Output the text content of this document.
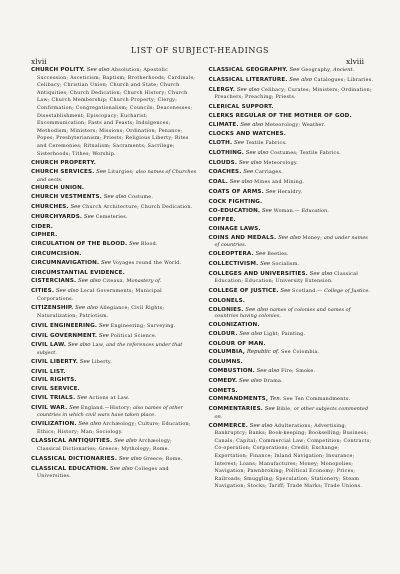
LIST OF SUBJECT-HEADINGS
xlvii	xlviii

CHURCH POLITY. See also Absolution; Apostolic Succession; Asceticism; Baptism; Brotherhoods; Cardinals; Celibacy; Christian Union; Church and State; Church Antiquities; Church Dedication; Church History; Church Law; Church Membership; Church Property; Clergy; Confirmation; Congregationalism; Councils; Deaconesses; Disestablishment; Episcopacy; Eucharist; Excommunication; Fasts and Feasts; Indulgences; Methodism; Ministers; Missions; Ordination; Penance; Popes; Presbyterianism; Priests; Religious Liberty; Rites and Ceremonies; Ritualism; Sacraments; Sacrilege; Sisterhoods; Tithes; Worship.

CHURCH PROPERTY.

CHURCH SERVICES. See Liturgies; also names of Churches and sects.

CHURCH UNION.

CHURCH VESTMENTS. See also Costume.

CHURCHES. See Church Architecture; Church Dedication.

CHURCHYARDS. See Cemeteries.

CIDER.

CIPHER.

CIRCULATION OF THE BLOOD. See Blood.

CIRCUMCISION.

CIRCUMNAVIGATION. See Voyages round the World.

CIRCUMSTANTIAL EVIDENCE.

CISTERCIANS. See also Citeaux, Monastery of.

CITIES. See also Local Governments; Municipal Corporations.

CITIZENSHIP. See also Allegiance; Civil Rights; Naturalization; Patriotism.

CIVIL ENGINEERING. See Engineering; Surveying.

CIVIL GOVERNMENT. See Political Science.

CIVIL LAW. See also Law, and the references under that subject.

CIVIL LIBERTY. See Liberty.

CIVIL LIST.

CIVIL RIGHTS.

CIVIL SERVICE.

CIVIL TRIALS. See Actions at Law.

CIVIL WAR. See England.—History; also names of other countries in which civil wars have taken place.

CIVILIZATION. See also Archæology; Culture; Education; Ethics; History; Man; Sociology.

CLASSICAL ANTIQUITIES. See also Archæology; Classical Dictionaries; Greece; Mythology; Rome.

CLASSICAL DICTIONARIES. See also Greece; Rome.

CLASSICAL EDUCATION. See also Colleges and Universities.

CLASSICAL GEOGRAPHY. See Geography, Ancient.

CLASSICAL LITERATURE. See also Catalogues; Libraries.

CLERGY. See also Celibacy; Curates; Ministers; Ordination; Preachers; Preaching; Priests.

CLERICAL SUPPORT.

CLERKS REGULAR OF THE MOTHER OF GOD.

CLIMATE. See also Meteorology; Weather.

CLOCKS AND WATCHES.

CLOTH. See Textile Fabrics.

CLOTHING. See also Costumes; Textile Fabrics.

CLOUDS. See also Meteorology.

COACHES. See Carriages.

COAL. See also Mines and Mining.

COATS OF ARMS. See Heraldry.

COCK FIGHTING.

CO-EDUCATION. See Woman.— Education.

COFFEE.

COINAGE LAWS.

COINS AND MEDALS. See also Money; and under names of countries.

COLEOPTERA. See Beetles.

COLLECTIVISM. See Socialism.

COLLEGES AND UNIVERSITIES. See also Classical Education; Education; University Extension.

COLLEGE OF JUSTICE. See Scotland.— College of Justice.

COLONELS.

COLONIES. See also names of colonies and names of countries having colonies.

COLONIZATION.

COLOUR. See also Light; Painting.

COLOUR OF MAN.

COLUMBIA, Republic of. See Colombia.

COLUMNS.

COMBUSTION. See also Fire; Smoke.

COMEDY. See also Drama.

COMETS.

COMMANDMENTS, Ten. See Ten Commandments.

COMMENTARIES. See Bible, or other subjects commented on.

COMMERCE. See also Adulterations; Advertising; Bankruptcy; Banks; Book-keeping; Bookselling; Business; Canals; Capital; Commercial Law; Competition; Contracts; Co-operation; Corporations; Credit; Exchange; Exportation; Finance; Inland Navigation; Insurance; Interest; Loans; Manufactures; Money; Monopolies; Navigation; Pawnbroking; Political Economy; Prices; Railroads; Smuggling; Speculation; Stationery; Steam Navigation; Stocks; Tariff; Trade Marks; Trade Unions.
